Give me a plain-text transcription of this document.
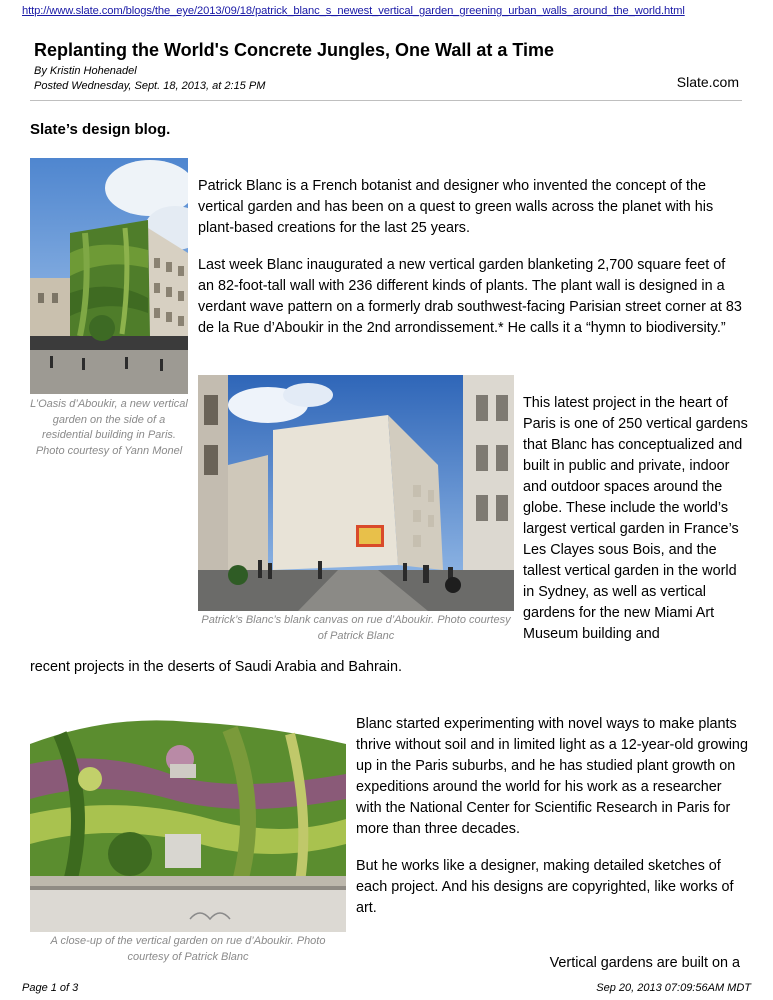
http://www.slate.com/blogs/the_eye/2013/09/18/patrick_blanc_s_newest_vertical_garden_greening_urban_walls_around_the_world.html
Replanting the World's Concrete Jungles, One Wall at a Time
By Kristin Hohenadel
Posted Wednesday, Sept. 18, 2013, at 2:15 PM	Slate.com
Slate’s design blog.

L’Oasis d’Aboukir, a new vertical garden on the side of a residential building in Paris. Photo courtesy of Yann Monel

Patrick Blanc is a French botanist and designer who invented the concept of the vertical garden and has been on a quest to green walls across the planet with his plant-based creations for the last 25 years.

Last week Blanc inaugurated a new vertical garden blanketing 2,700 square feet of an 82-foot-tall wall with 236 different kinds of plants. The plant wall is designed in a verdant wave pattern on a formerly drab southwest-facing Parisian street corner at 83 de la Rue d’Aboukir in the 2nd arrondissement.* He calls it a “hymn to biodiversity.”

Patrick’s Blanc’s blank canvas on rue d’Aboukir. Photo courtesy of Patrick Blanc

This latest project in the heart of Paris is one of 250 vertical gardens that Blanc has conceptualized and built in public and private, indoor and outdoor spaces around the globe. These include the world’s largest vertical garden in France’s Les Clayes sous Bois, and the tallest vertical garden in the world in Sydney, as well as vertical gardens for the new Miami Art Museum building and

recent projects in the deserts of Saudi Arabia and Bahrain.

A close-up of the vertical garden on rue d’Aboukir. Photo courtesy of Patrick Blanc

Blanc started experimenting with novel ways to make plants thrive without soil and in limited light as a 12-year-old growing up in the Paris suburbs, and he has studied plant growth on expeditions around the world for his work as a researcher with the National Center for Scientific Research in Paris for more than three decades.

But he works like a designer, making detailed sketches of each project. And his designs are copyrighted, like works of art.

Vertical gardens are built on a

Page 1 of 3	Sep 20, 2013 07:09:56AM MDT
